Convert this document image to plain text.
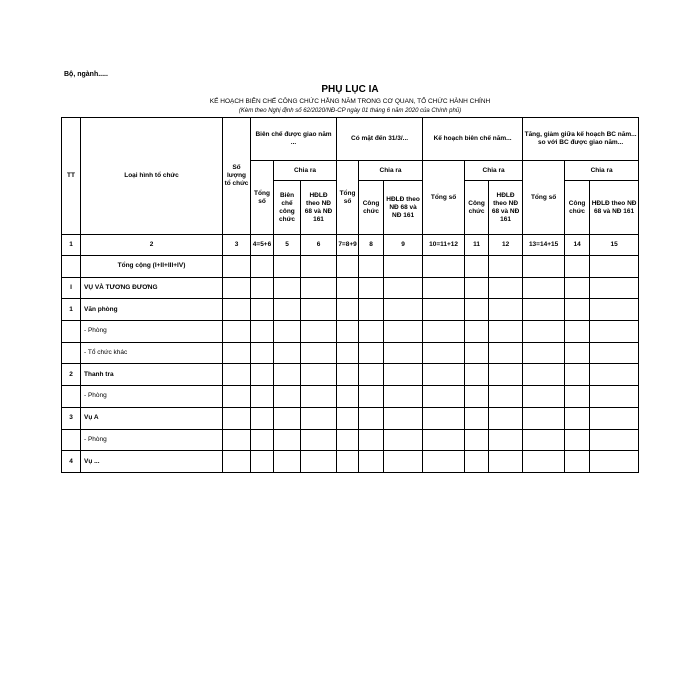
Bộ, ngành.....
PHỤ LỤC IA
KẾ HOẠCH BIÊN CHẾ CÔNG CHỨC HẰNG NĂM TRONG CƠ QUAN, TỔ CHỨC HÀNH CHÍNH
(Kèm theo Nghị định số 62/2020/NĐ-CP ngày 01 tháng 6 năm 2020 của Chính phủ)
TT	Loại hình tổ chức	Số lượng tổ chức	Biên chế được giao năm ...			Có mặt đến 31/3/...			Kế hoạch biên chế năm...			Tăng, giảm giữa kế hoạch BC năm... so với BC được giao năm...		
			Tổng số	Chia ra		Tổng số	Chia ra		Tổng số	Chia ra		Tổng số	Chia ra	
				Biên chế công chức	HĐLĐ theo NĐ 68 và NĐ 161		Công chức	HĐLĐ theo NĐ 68 và NĐ 161		Công chức	HĐLĐ theo NĐ 68 và NĐ 161		Công chức	HĐLĐ theo NĐ 68 và NĐ 161
1	2	3	4=5+6	5	6	7=8+9	8	9	10=11+12	11	12	13=14+15	14	15
	Tổng cộng (I+II+III+IV)													
I	VỤ VÀ TƯƠNG ĐƯƠNG													
1	Văn phòng													
	- Phòng													
	- Tổ chức khác													
2	Thanh tra													
	- Phòng													
3	Vụ A													
	- Phòng													
4	Vụ ...													
